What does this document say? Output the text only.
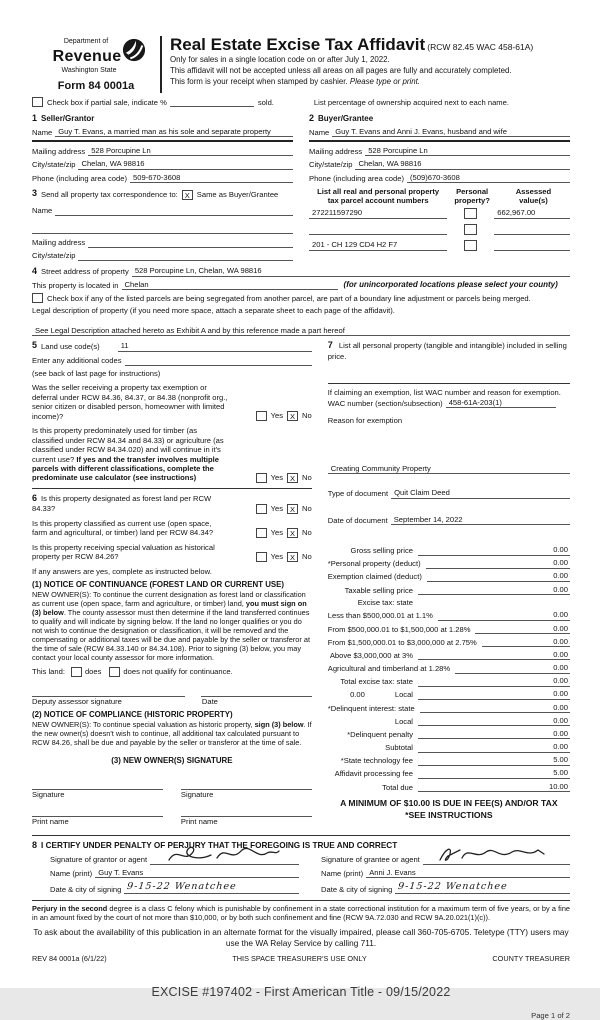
Department of
Revenue
Washington State
Form 84 0001a
Real Estate Excise Tax Affidavit (RCW 82.45 WAC 458-61A)
Only for sales in a single location code on or after July 1, 2022.
This affidavit will not be accepted unless all areas on all pages are fully and accurately completed.
This form is your receipt when stamped by cashier. Please type or print.
Check box if partial sale, indicate %	sold.	List percentage of ownership acquired next to each name.
1 Seller/Grantor
Name Guy T. Evans, a married man as his sole and separate property
Mailing address 528 Porcupine Ln
City/state/zip Chelan, WA 98816
Phone (including area code) 509-670-3608
2 Buyer/Grantee
Name Guy T. Evans and Anni J. Evans, husband and wife
Mailing address 528 Porcupine Ln
City/state/zip Chelan, WA 98816
Phone (including area code) (509)670-3608
3 Send all property tax correspondence to: X Same as Buyer/Grantee
Name
Mailing address
City/state/zip
List all real and personal property
tax parcel account numbers
Personal
property?
Assessed
value(s)
272211597290	662,967.00
201 - CH 129 CD4 H2 F7
4 Street address of property 528 Porcupine Ln, Chelan, WA 98816
This property is located in Chelan	(for unincorporated locations please select your county)
Check box if any of the listed parcels are being segregated from another parcel, are part of a boundary line adjustment or parcels being merged.
Legal description of property (if you need more space, attach a separate sheet to each page of the affidavit).
See Legal Description attached hereto as Exhibit A and by this reference made a part hereof
5 Land use code(s)	11
Enter any additional codes
(see back of last page for instructions)
Was the seller receiving a property tax exemption or deferral under RCW 84.36, 84.37, or 84.38 (nonprofit org., senior citizen or disabled person, homeowner with limited income)?	Yes X No
Is this property predominately used for timber (as classified under RCW 84.34 and 84.33) or agriculture (as classified under RCW 84.34.020) and will continue in it's current use? If yes and the transfer involves multiple parcels with different classifications, complete the predominate use calculator (see instructions)	Yes X No
6 Is this property designated as forest land per RCW 84.33?	Yes X No
Is this property classified as current use (open space, farm and agricultural, or timber) land per RCW 84.34?	Yes X No
Is this property receiving special valuation as historical property per RCW 84.26?	Yes X No
If any answers are yes, complete as instructed below.
(1) NOTICE OF CONTINUANCE (FOREST LAND OR CURRENT USE)
NEW OWNER(S): To continue the current designation as forest land or classification as current use (open space, farm and agriculture, or timber) land, you must sign on (3) below. The county assessor must then determine if the land transferred continues to qualify and will indicate by signing below. If the land no longer qualifies or you do not wish to continue the designation or classification, it will be removed and the compensating or additional taxes will be due and payable by the seller or transferor at the time of sale (RCW 84.33.140 or 84.34.108). Prior to signing (3) below, you may contact your local county assessor for more information.
This land:	does	does not qualify for continuance.
Deputy assessor signature	Date
(2) NOTICE OF COMPLIANCE (HISTORIC PROPERTY)
NEW OWNER(S): To continue special valuation as historic property, sign (3) below. If the new owner(s) doesn't wish to continue, all additional tax calculated pursuant to RCW 84.26, shall be due and payable by the seller or transferor at the time of sale.
(3) NEW OWNER(S) SIGNATURE
Signature	Signature
Print name	Print name
7 List all personal property (tangible and intangible) included in selling price.
If claiming an exemption, list WAC number and reason for exemption.
WAC number (section/subsection) 458-61A-203(1)
Reason for exemption
Creating Community Property
Type of document Quit Claim Deed
Date of document September 14, 2022
Gross selling price	0.00
*Personal property (deduct)	0.00
Exemption claimed (deduct)	0.00
Taxable selling price	0.00
Excise tax: state
Less than $500,000.01 at 1.1%	0.00
From $500,000.01 to $1,500,000 at 1.28%	0.00
From $1,500,000.01 to $3,000,000 at 2.75%	0.00
Above $3,000,000 at 3%	0.00
Agricultural and timberland at 1.28%	0.00
Total excise tax: state	0.00
0.00	Local	0.00
*Delinquent interest: state	0.00
Local	0.00
*Delinquent penalty	0.00
Subtotal	0.00
*State technology fee	5.00
Affidavit processing fee	5.00
Total due	10.00
A MINIMUM OF $10.00 IS DUE IN FEE(S) AND/OR TAX
*SEE INSTRUCTIONS
8 I CERTIFY UNDER PENALTY OF PERJURY THAT THE FOREGOING IS TRUE AND CORRECT
Signature of grantor or agent
Name (print) Guy T. Evans
Date & city of signing 9-15-22 Wenatchee
Signature of grantee or agent
Name (print) Anni J. Evans
Date & city of signing 9-15-22 Wenatchee
Perjury in the second degree is a class C felony which is punishable by confinement in a state correctional institution for a maximum term of five years, or by a fine in an amount fixed by the court of not more than $10,000, or by both such confinement and fine (RCW 9A.72.030 and RCW 9A.20.021(1)(c)).
To ask about the availability of this publication in an alternate format for the visually impaired, please call 360-705-6705. Teletype (TTY) users may use the WA Relay Service by calling 711.
REV 84 0001a (6/1/22)	THIS SPACE TREASURER'S USE ONLY	COUNTY TREASURER
EXCISE #197402 - First American Title - 09/15/2022
Page 1 of 2
